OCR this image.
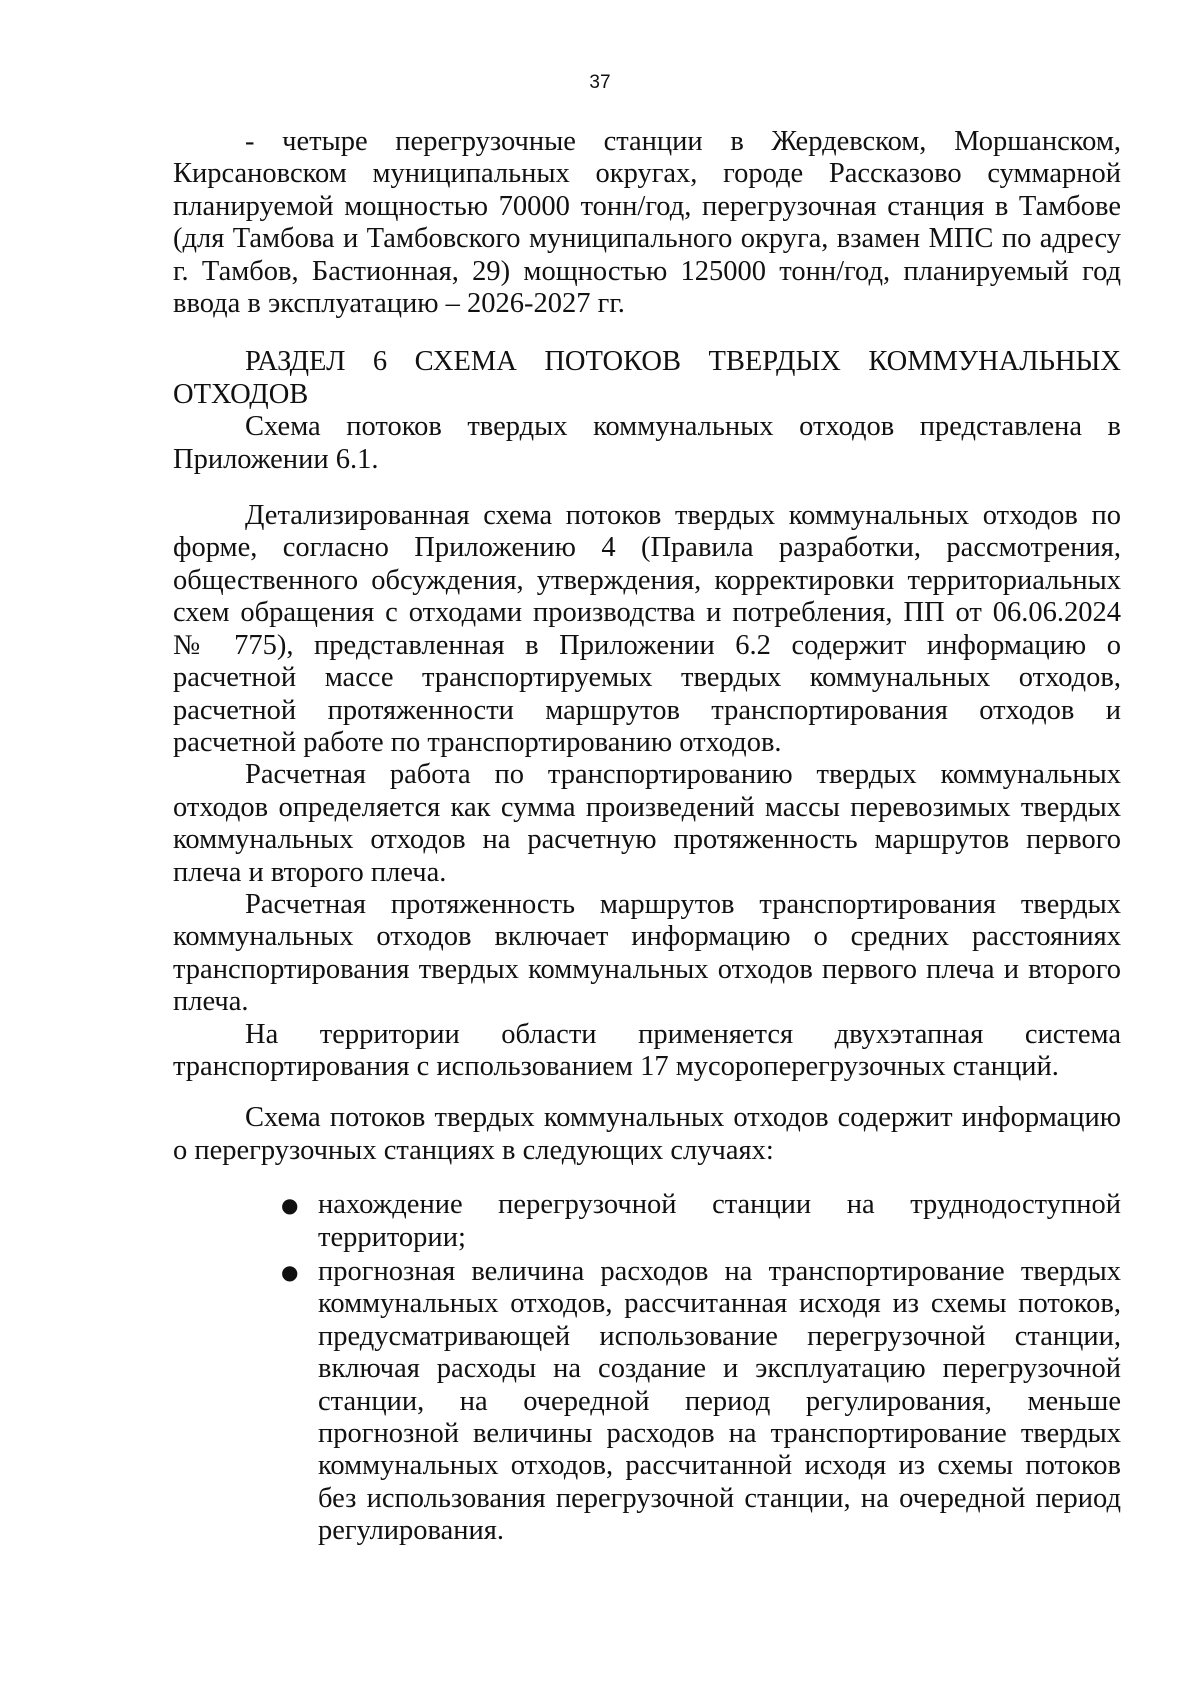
37

- четыре перегрузочные станции в Жердевском, Моршанском, Кирсановском муниципальных округах, городе Рассказово суммарной планируемой мощностью 70000 тонн/год, перегрузочная станция в Тамбове (для Тамбова и Тамбовского муниципального округа, взамен МПС по адресу г. Тамбов, Бастионная, 29) мощностью 125000 тонн/год, планируемый год ввода в эксплуатацию – 2026-2027 гг.

РАЗДЕЛ 6 СХЕМА ПОТОКОВ ТВЕРДЫХ КОММУНАЛЬНЫХ ОТХОДОВ

Схема потоков твердых коммунальных отходов представлена в Приложении 6.1.

Детализированная схема потоков твердых коммунальных отходов по форме, согласно Приложению 4 (Правила разработки, рассмотрения, общественного обсуждения, утверждения, корректировки территориальных схем обращения с отходами производства и потребления, ПП от 06.06.2024 № 775), представленная в Приложении 6.2 содержит информацию о расчетной массе транспортируемых твердых коммунальных отходов, расчетной протяженности маршрутов транспортирования отходов и расчетной работе по транспортированию отходов.

Расчетная работа по транспортированию твердых коммунальных отходов определяется как сумма произведений массы перевозимых твердых коммунальных отходов на расчетную протяженность маршрутов первого плеча и второго плеча.

Расчетная протяженность маршрутов транспортирования твердых коммунальных отходов включает информацию о средних расстояниях транспортирования твердых коммунальных отходов первого плеча и второго плеча.

На территории области применяется двухэтапная система транспортирования с использованием 17 мусороперегрузочных станций.

Схема потоков твердых коммунальных отходов содержит информацию о перегрузочных станциях в следующих случаях:

● нахождение перегрузочной станции на труднодоступной территории;
● прогнозная величина расходов на транспортирование твердых коммунальных отходов, рассчитанная исходя из схемы потоков, предусматривающей использование перегрузочной станции, включая расходы на создание и эксплуатацию перегрузочной станции, на очередной период регулирования, меньше прогнозной величины расходов на транспортирование твердых коммунальных отходов, рассчитанной исходя из схемы потоков без использования перегрузочной станции, на очередной период регулирования.
